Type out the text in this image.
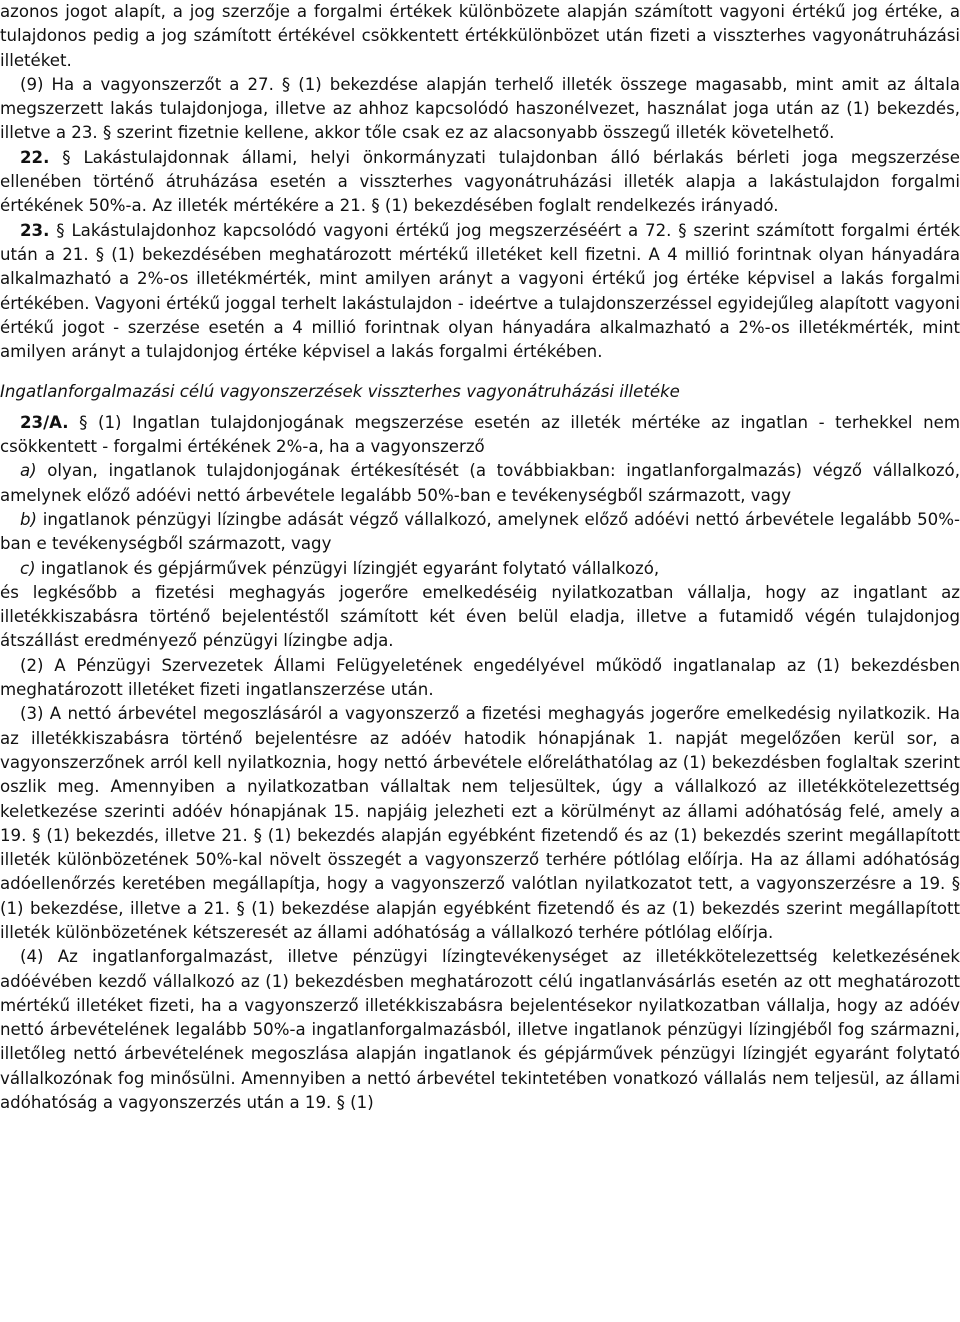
azonos jogot alapít, a jog szerzője a forgalmi értékek különbözete alapján számított vagyoni értékű jog értéke, a tulajdonos pedig a jog számított értékével csökkentett értékkülönbözet után fizeti a visszterhes vagyonátruházási illetéket.

(9) Ha a vagyonszerzőt a 27. § (1) bekezdése alapján terhelő illeték összege magasabb, mint amit az általa megszerzett lakás tulajdonjoga, illetve az ahhoz kapcsolódó haszonélvezet, használat joga után az (1) bekezdés, illetve a 23. § szerint fizetnie kellene, akkor tőle csak ez az alacsonyabb összegű illeték követelhető.

22. § Lakástulajdonnak állami, helyi önkormányzati tulajdonban álló bérlakás bérleti joga megszerzése ellenében történő átruházása esetén a visszterhes vagyonátruházási illeték alapja a lakástulajdon forgalmi értékének 50%-a. Az illeték mértékére a 21. § (1) bekezdésében foglalt rendelkezés irányadó.

23. § Lakástulajdonhoz kapcsolódó vagyoni értékű jog megszerzéséért a 72. § szerint számított forgalmi érték után a 21. § (1) bekezdésében meghatározott mértékű illetéket kell fizetni. A 4 millió forintnak olyan hányadára alkalmazható a 2%-os illetékmérték, mint amilyen arányt a vagyoni értékű jog értéke képvisel a lakás forgalmi értékében. Vagyoni értékű joggal terhelt lakástulajdon - ideértve a tulajdonszerzéssel egyidejűleg alapított vagyoni értékű jogot - szerzése esetén a 4 millió forintnak olyan hányadára alkalmazható a 2%-os illetékmérték, mint amilyen arányt a tulajdonjog értéke képvisel a lakás forgalmi értékében.

Ingatlanforgalmazási célú vagyonszerzések visszterhes vagyonátruházási illetéke

23/A. § (1) Ingatlan tulajdonjogának megszerzése esetén az illeték mértéke az ingatlan - terhekkel nem csökkentett - forgalmi értékének 2%-a, ha a vagyonszerző

a) olyan, ingatlanok tulajdonjogának értékesítését (a továbbiakban: ingatlanforgalmazás) végző vállalkozó, amelynek előző adóévi nettó árbevétele legalább 50%-ban e tevékenységből származott, vagy

b) ingatlanok pénzügyi lízingbe adását végző vállalkozó, amelynek előző adóévi nettó árbevétele legalább 50%-ban e tevékenységből származott, vagy

c) ingatlanok és gépjárművek pénzügyi lízingjét egyaránt folytató vállalkozó,

és legkésőbb a fizetési meghagyás jogerőre emelkedéséig nyilatkozatban vállalja, hogy az ingatlant az illetékkiszabásra történő bejelentéstől számított két éven belül eladja, illetve a futamidő végén tulajdonjog átszállást eredményező pénzügyi lízingbe adja.

(2) A Pénzügyi Szervezetek Állami Felügyeletének engedélyével működő ingatlanalap az (1) bekezdésben meghatározott illetéket fizeti ingatlanszerzése után.

(3) A nettó árbevétel megoszlásáról a vagyonszerző a fizetési meghagyás jogerőre emelkedésig nyilatkozik. Ha az illetékkiszabásra történő bejelentésre az adóév hatodik hónapjának 1. napját megelőzően kerül sor, a vagyonszerzőnek arról kell nyilatkoznia, hogy nettó árbevétele előreláthatólag az (1) bekezdésben foglaltak szerint oszlik meg. Amennyiben a nyilatkozatban vállaltak nem teljesültek, úgy a vállalkozó az illetékkötelezettség keletkezése szerinti adóév hónapjának 15. napjáig jelezheti ezt a körülményt az állami adóhatóság felé, amely a 19. § (1) bekezdés, illetve 21. § (1) bekezdés alapján egyébként fizetendő és az (1) bekezdés szerint megállapított illeték különbözetének 50%-kal növelt összegét a vagyonszerző terhére pótlólag előírja. Ha az állami adóhatóság adóellenőrzés keretében megállapítja, hogy a vagyonszerző valótlan nyilatkozatot tett, a vagyonszerzésre a 19. § (1) bekezdése, illetve a 21. § (1) bekezdése alapján egyébként fizetendő és az (1) bekezdés szerint megállapított illeték különbözetének kétszeresét az állami adóhatóság a vállalkozó terhére pótlólag előírja.

(4) Az ingatlanforgalmazást, illetve pénzügyi lízingtevékenységet az illetékkötelezettség keletkezésének adóévében kezdő vállalkozó az (1) bekezdésben meghatározott célú ingatlanvásárlás esetén az ott meghatározott mértékű illetéket fizeti, ha a vagyonszerző illetékkiszabásra bejelentésekor nyilatkozatban vállalja, hogy az adóév nettó árbevételének legalább 50%-a ingatlanforgalmazásból, illetve ingatlanok pénzügyi lízingjéből fog származni, illetőleg nettó árbevételének megoszlása alapján ingatlanok és gépjárművek pénzügyi lízingjét egyaránt folytató vállalkozónak fog minősülni. Amennyiben a nettó árbevétel tekintetében vonatkozó vállalás nem teljesül, az állami adóhatóság a vagyonszerzés után a 19. § (1)
